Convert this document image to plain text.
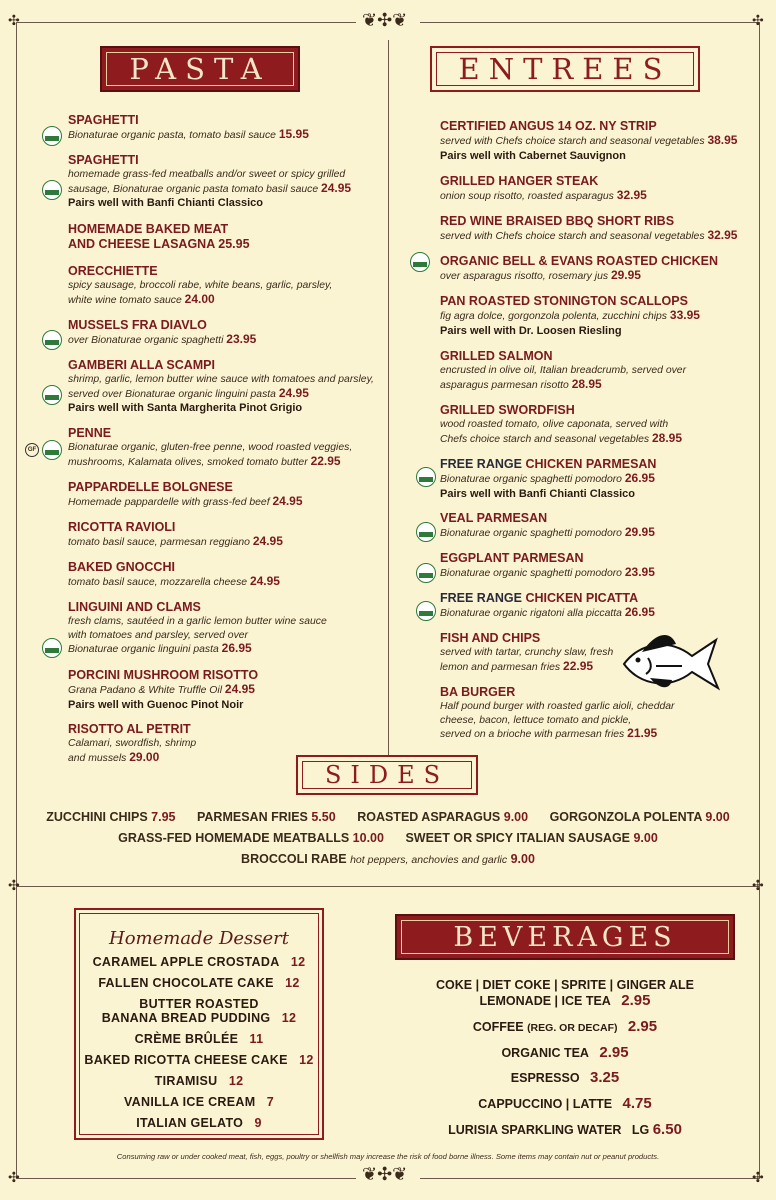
❦✣❦
❦✣❦
✣	✣
✣	✣
✣	✣
PASTA	ENTREES
SIDES
BEVERAGES
SPAGHETTI
Bionaturae organic pasta, tomato basil sauce 15.95
SPAGHETTI
homemade grass-fed meatballs and/or sweet or spicy grilled
sausage, Bionaturae organic pasta tomato basil sauce 24.95
Pairs well with Banfi Chianti Classico
HOMEMADE BAKED MEAT
AND CHEESE LASAGNA 25.95
ORECCHIETTE
spicy sausage, broccoli rabe, white beans, garlic, parsley,
white wine tomato sauce 24.00
MUSSELS FRA DIAVLO
over Bionaturae organic spaghetti 23.95
GAMBERI ALLA SCAMPI
shrimp, garlic, lemon butter wine sauce with tomatoes and parsley,
served over Bionaturae organic linguini pasta 24.95
Pairs well with Santa Margherita Pinot Grigio
GF
PENNE
Bionaturae organic, gluten-free penne, wood roasted veggies,
mushrooms, Kalamata olives, smoked tomato butter 22.95
PAPPARDELLE BOLGNESE
Homemade pappardelle with grass-fed beef 24.95
RICOTTA RAVIOLI
tomato basil sauce, parmesan reggiano 24.95
BAKED GNOCCHI
tomato basil sauce, mozzarella cheese 24.95
LINGUINI AND CLAMS
fresh clams, sautéed in a garlic lemon butter wine sauce
with tomatoes and parsley, served over
Bionaturae organic linguini pasta 26.95
PORCINI MUSHROOM RISOTTO
Grana Padano & White Truffle Oil 24.95
Pairs well with Guenoc Pinot Noir
RISOTTO AL PETRIT
Calamari, swordfish, shrimp
and mussels 29.00
CERTIFIED ANGUS 14 OZ. NY STRIP
served with Chefs choice starch and seasonal vegetables 38.95
Pairs well with Cabernet Sauvignon
GRILLED HANGER STEAK
onion soup risotto, roasted asparagus 32.95
RED WINE BRAISED BBQ SHORT RIBS
served with Chefs choice starch and seasonal vegetables 32.95
ORGANIC BELL & EVANS ROASTED CHICKEN
over asparagus risotto, rosemary jus 29.95
PAN ROASTED STONINGTON SCALLOPS
fig agra dolce, gorgonzola polenta, zucchini chips 33.95
Pairs well with Dr. Loosen Riesling
GRILLED SALMON
encrusted in olive oil, Italian breadcrumb, served over
asparagus parmesan risotto 28.95
GRILLED SWORDFISH
wood roasted tomato, olive caponata, served with
Chefs choice starch and seasonal vegetables 28.95
FREE RANGE CHICKEN PARMESAN
Bionaturae organic spaghetti pomodoro 26.95
Pairs well with Banfi Chianti Classico
VEAL PARMESAN
Bionaturae organic spaghetti pomodoro 29.95
EGGPLANT PARMESAN
Bionaturae organic spaghetti pomodoro 23.95
FREE RANGE CHICKEN PICATTA
Bionaturae organic rigatoni alla piccatta 26.95
FISH AND CHIPS
served with tartar, crunchy slaw, fresh
lemon and parmesan fries 22.95
BA BURGER
Half pound burger with roasted garlic aioli, cheddar
cheese, bacon, lettuce tomato and pickle,
served on a brioche with parmesan fries 21.95
ZUCCHINI CHIPS 7.95 PARMESAN FRIES 5.50 ROASTED ASPARAGUS 9.00 GORGONZOLA POLENTA 9.00
GRASS-FED HOMEMADE MEATBALLS 10.00 SWEET OR SPICY ITALIAN SAUSAGE 9.00
BROCCOLI RABE hot peppers, anchovies and garlic 9.00
Homemade Dessert
CARAMEL APPLE CROSTADA 12
FALLEN CHOCOLATE CAKE 12
BUTTER ROASTED
BANANA BREAD PUDDING 12
CRÈME BRÛLÉE 11
BAKED RICOTTA CHEESE CAKE 12
TIRAMISU 12
VANILLA ICE CREAM 7
ITALIAN GELATO 9
COKE | DIET COKE | SPRITE | GINGER ALE
LEMONADE | ICE TEA 2.95
COFFEE (REG. OR DECAF) 2.95
ORGANIC TEA 2.95
ESPRESSO 3.25
CAPPUCCINO | LATTE 4.75
LURISIA SPARKLING WATER LG 6.50
Consuming raw or under cooked meat, fish, eggs, poultry or shellfish may increase the risk of food borne illness. Some items may contain nut or peanut products.
